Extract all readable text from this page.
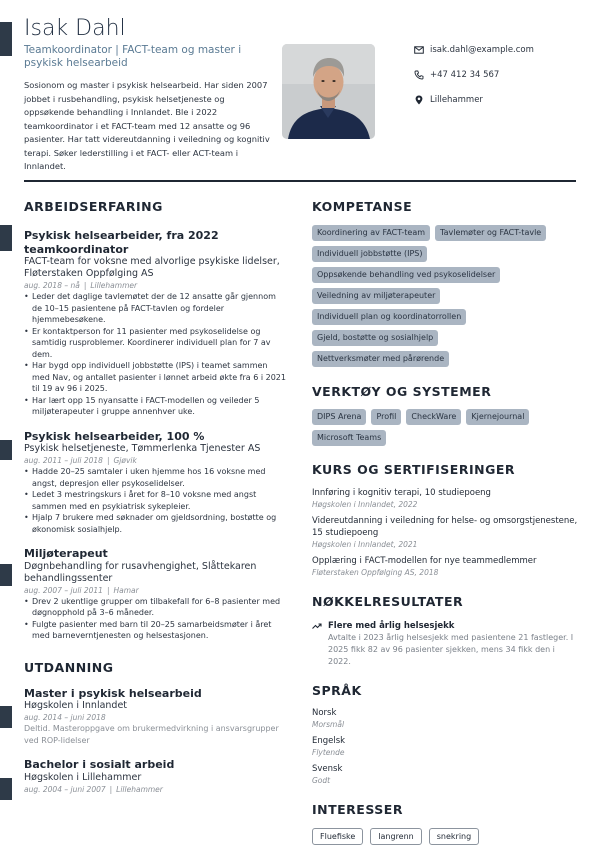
Isak Dahl
Teamkoordinator | FACT-team og master i psykisk helsearbeid
Sosionom og master i psykisk helsearbeid. Har siden 2007 jobbet i rusbehandling, psykisk helsetjeneste og oppsøkende behandling i Innlandet. Ble i 2022 teamkoordinator i et FACT-team med 12 ansatte og 96 pasienter. Har tatt videreutdanning i veiledning og kognitiv terapi. Søker lederstilling i et FACT- eller ACT-team i Innlandet.
isak.dahl@example.com
+47 412 34 567
Lillehammer
ARBEIDSERFARING
Psykisk helsearbeider, fra 2022 teamkoordinator
FACT-team for voksne med alvorlige psykiske lidelser, Fløterstaken Oppfølging AS
aug. 2018 – nå | Lillehammer
• Leder det daglige tavlemøtet der de 12 ansatte går gjennom de 10–15 pasientene på FACT-tavlen og fordeler hjemmebesøkene.
• Er kontaktperson for 11 pasienter med psykoselidelse og samtidig rusproblemer. Koordinerer individuell plan for 7 av dem.
• Har bygd opp individuell jobbstøtte (IPS) i teamet sammen med Nav, og antallet pasienter i lønnet arbeid økte fra 6 i 2021 til 19 av 96 i 2025.
• Har lært opp 15 nyansatte i FACT-modellen og veileder 5 miljøterapeuter i gruppe annenhver uke.
Psykisk helsearbeider, 100 %
Psykisk helsetjeneste, Tømmerlenka Tjenester AS
aug. 2011 – juli 2018 | Gjøvik
• Hadde 20–25 samtaler i uken hjemme hos 16 voksne med angst, depresjon eller psykoselidelser.
• Ledet 3 mestringskurs i året for 8–10 voksne med angst sammen med en psykiatrisk sykepleier.
• Hjalp 7 brukere med søknader om gjeldsordning, bostøtte og økonomisk sosialhjelp.
Miljøterapeut
Døgnbehandling for rusavhengighet, Slåttekaren behandlingssenter
aug. 2007 – juli 2011 | Hamar
• Drev 2 ukentlige grupper om tilbakefall for 6–8 pasienter med døgnopphold på 3–6 måneder.
• Fulgte pasienter med barn til 20–25 samarbeidsmøter i året med barneverntjenesten og helsestasjonen.
UTDANNING
Master i psykisk helsearbeid
Høgskolen i Innlandet
aug. 2014 – juni 2018
Deltid. Masteroppgave om brukermedvirkning i ansvarsgrupper ved ROP-lidelser
Bachelor i sosialt arbeid
Høgskolen i Lillehammer
aug. 2004 – juni 2007 | Lillehammer
KOMPETANSE
Koordinering av FACT-team	Tavlemøter og FACT-tavle
Individuell jobbstøtte (IPS)
Oppsøkende behandling ved psykoselidelser
Veiledning av miljøterapeuter
Individuell plan og koordinatorrollen
Gjeld, bostøtte og sosialhjelp
Nettverksmøter med pårørende
VERKTØY OG SYSTEMER
DIPS Arena	Profil	CheckWare	Kjernejournal
Microsoft Teams
KURS OG SERTIFISERINGER
Innføring i kognitiv terapi, 10 studiepoeng
Høgskolen i Innlandet, 2022
Videreutdanning i veiledning for helse- og omsorgstjenestene, 15 studiepoeng
Høgskolen i Innlandet, 2021
Opplæring i FACT-modellen for nye teammedlemmer
Fløterstaken Oppfølging AS, 2018
NØKKELRESULTATER
Flere med årlig helsesjekk
Avtalte i 2023 årlig helsesjekk med pasientene 21 fastleger. I 2025 fikk 82 av 96 pasienter sjekken, mens 34 fikk den i 2022.
SPRÅK
Norsk
Morsmål
Engelsk
Flytende
Svensk
Godt
INTERESSER
Fluefiske	langrenn	snekring
